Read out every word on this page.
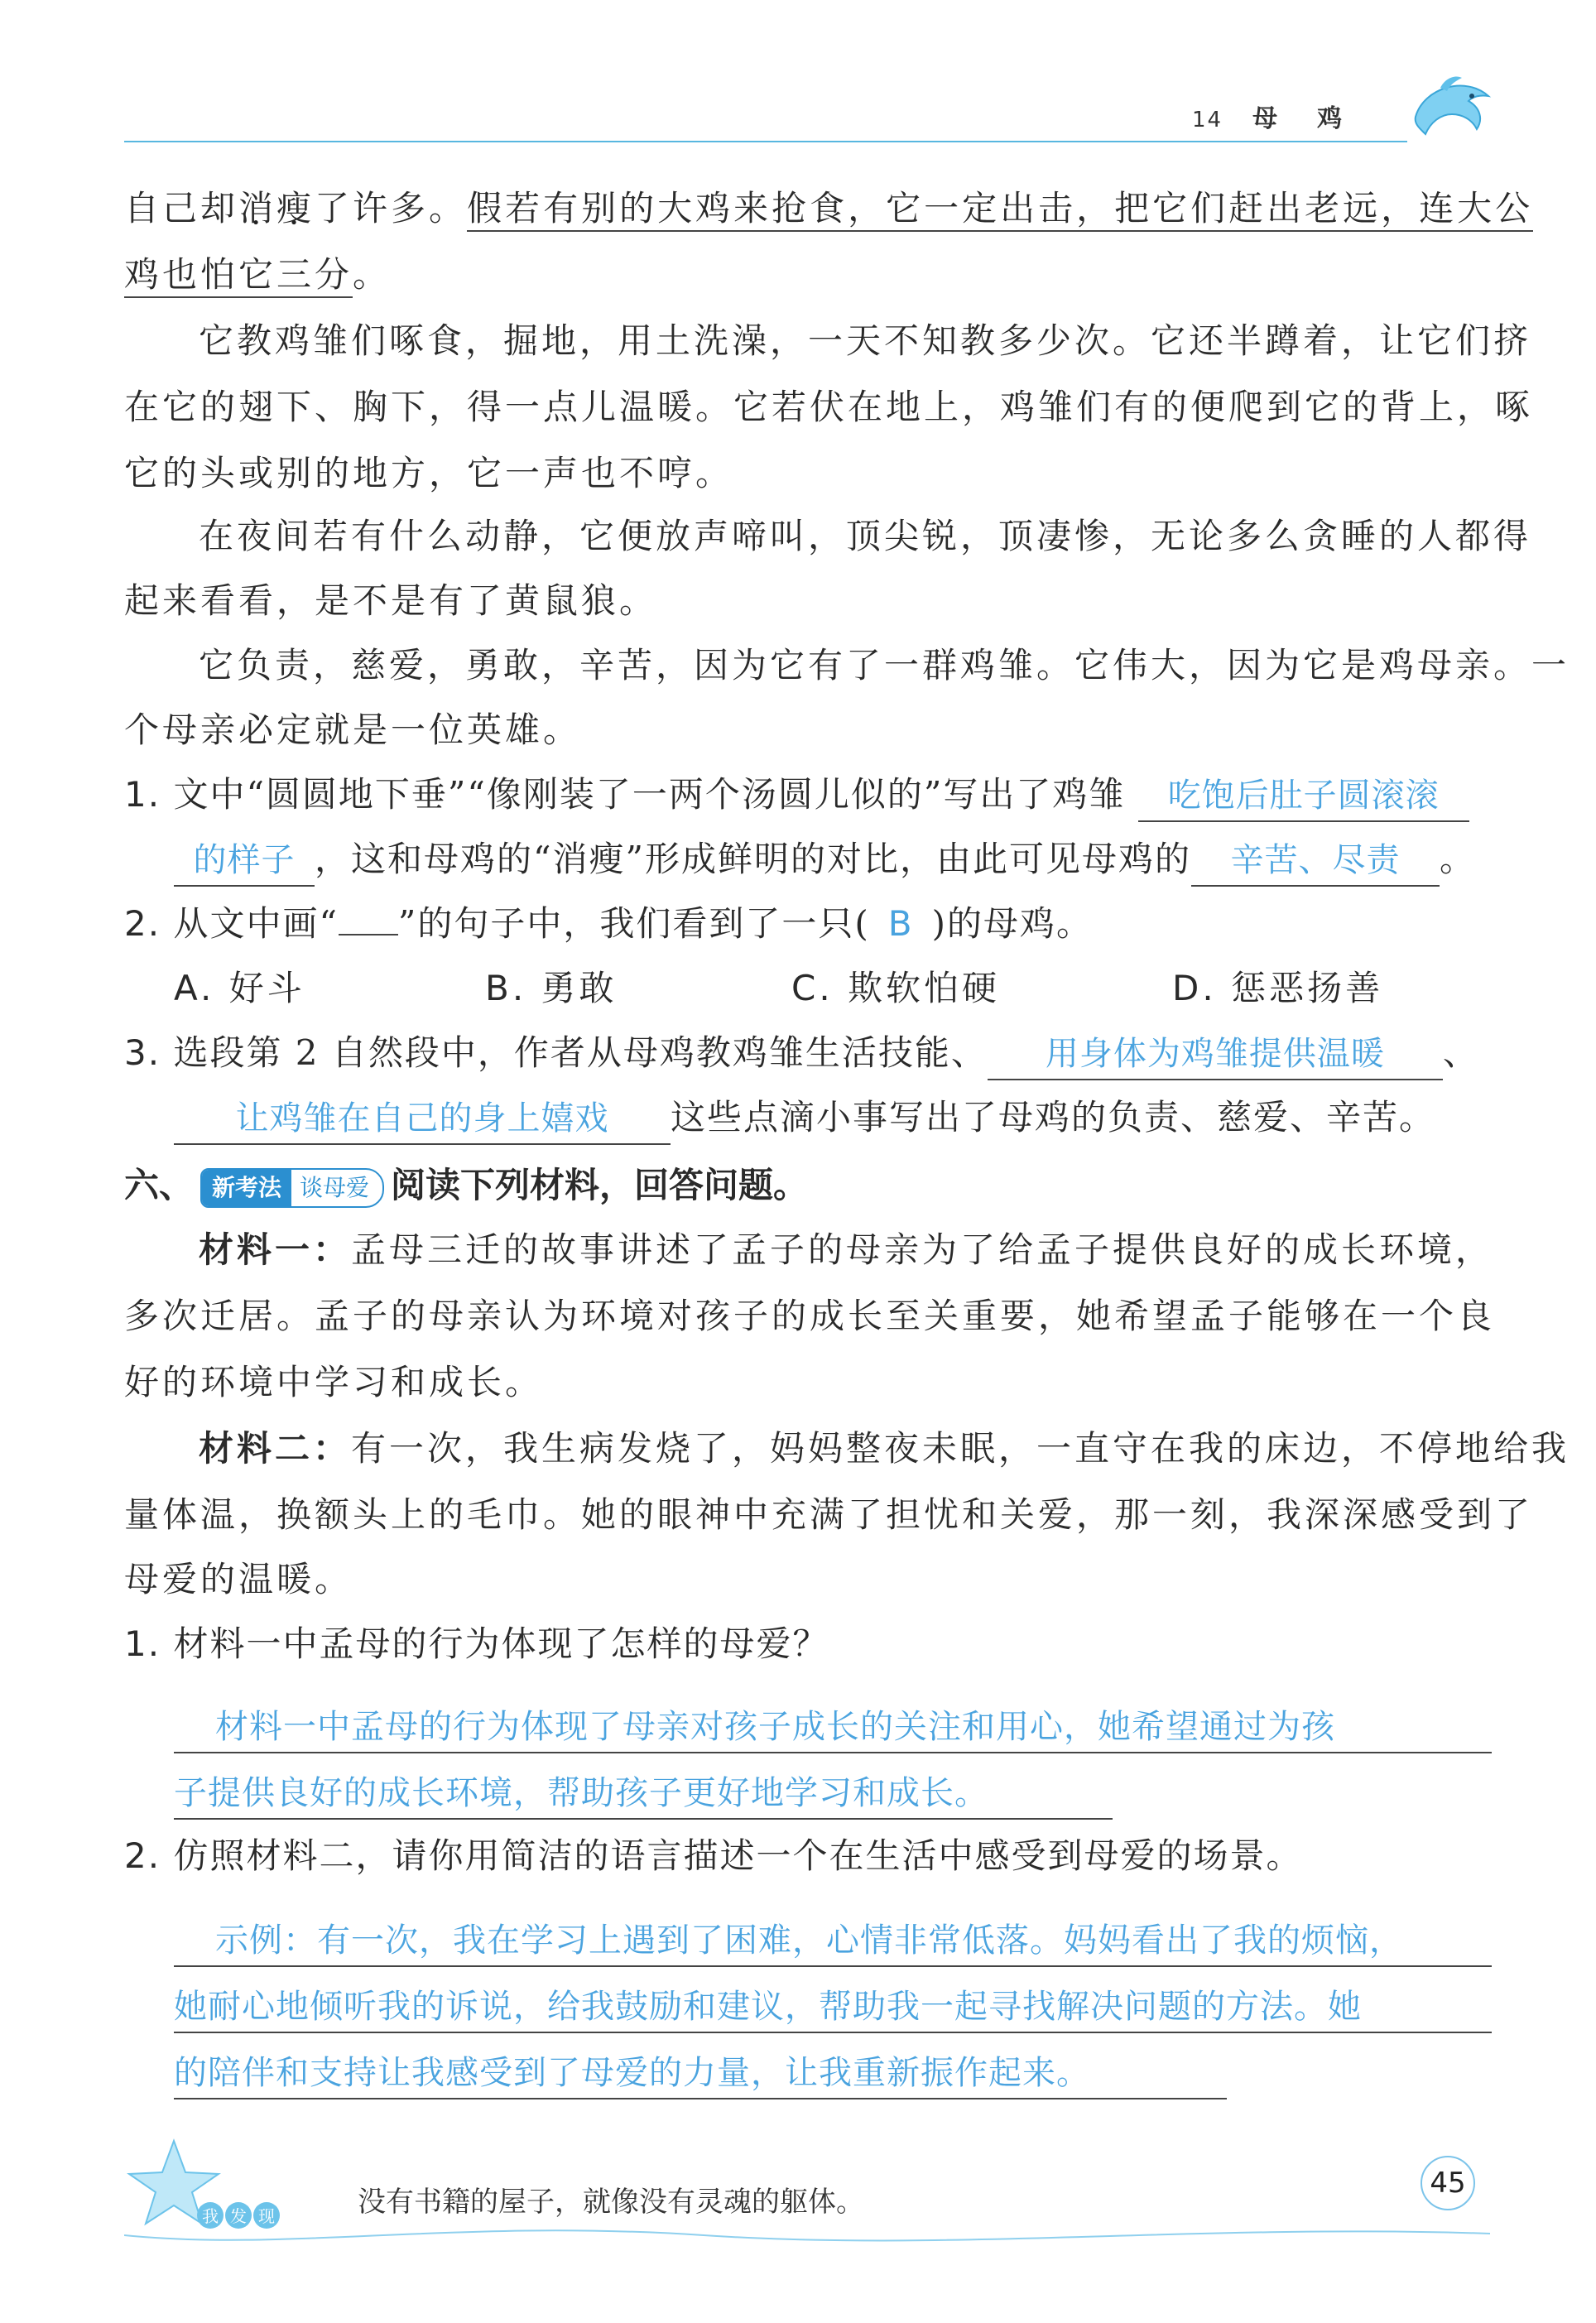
14 母鸡
自己却消瘦了许多。假若有别的大鸡来抢食，它一定出击，把它们赶出老远，连大公
鸡也怕它三分。
它教鸡雏们啄食，掘地，用土洗澡，一天不知教多少次。它还半蹲着，让它们挤
在它的翅下、胸下，得一点儿温暖。它若伏在地上，鸡雏们有的便爬到它的背上，啄
它的头或别的地方，它一声也不哼。
在夜间若有什么动静，它便放声啼叫，顶尖锐，顶凄惨，无论多么贪睡的人都得
起来看看，是不是有了黄鼠狼。
它负责，慈爱，勇敢，辛苦，因为它有了一群鸡雏。它伟大，因为它是鸡母亲。一
个母亲必定就是一位英雄。
1. 文中“圆圆地下垂”“像刚装了一两个汤圆儿似的”写出了鸡雏 吃饱后肚子圆滚滚
的样子 ，这和母鸡的“消瘦”形成鲜明的对比，由此可见母鸡的 辛苦、尽责 。
2. 从文中画“ ”的句子中，我们看到了一只( B )的母鸡。
A. 好斗	B. 勇敢	C. 欺软怕硬	D. 惩恶扬善
3. 选段第 2 自然段中，作者从母鸡教鸡雏生活技能、 用身体为鸡雏提供温暖 、
让鸡雏在自己的身上嬉戏 这些点滴小事写出了母鸡的负责、慈爱、辛苦。
六、 新考法 谈母爱 阅读下列材料，回答问题。
材料一：孟母三迁的故事讲述了孟子的母亲为了给孟子提供良好的成长环境，
多次迁居。孟子的母亲认为环境对孩子的成长至关重要，她希望孟子能够在一个良
好的环境中学习和成长。
材料二：有一次，我生病发烧了，妈妈整夜未眠，一直守在我的床边，不停地给我
量体温，换额头上的毛巾。她的眼神中充满了担忧和关爱，那一刻，我深深感受到了
母爱的温暖。
1. 材料一中孟母的行为体现了怎样的母爱？
材料一中孟母的行为体现了母亲对孩子成长的关注和用心，她希望通过为孩
子提供良好的成长环境，帮助孩子更好地学习和成长。
2. 仿照材料二，请你用简洁的语言描述一个在生活中感受到母爱的场景。
示例：有一次，我在学习上遇到了困难，心情非常低落。妈妈看出了我的烦恼，
她耐心地倾听我的诉说，给我鼓励和建议，帮助我一起寻找解决问题的方法。她
的陪伴和支持让我感受到了母爱的力量，让我重新振作起来。
我 发 现	没有书籍的屋子，就像没有灵魂的躯体。
45
